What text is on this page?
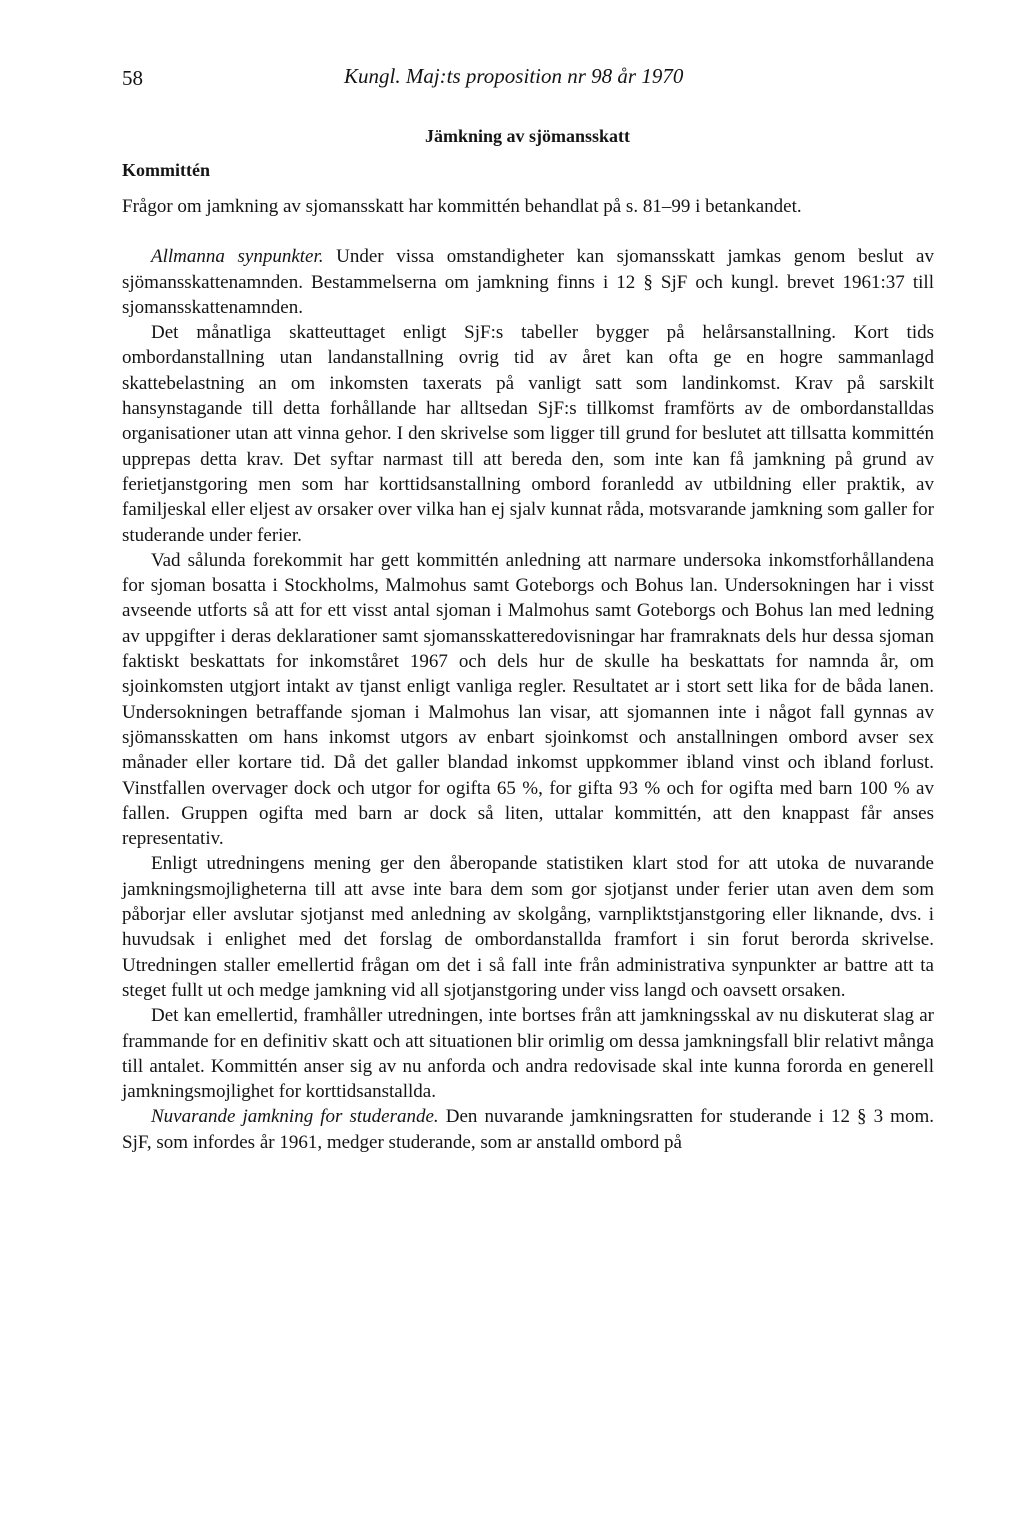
58	Kungl. Maj:ts proposition nr 98 år 1970
Jämkning av sjömansskatt
Kommittén

Frågor om jamkning av sjomansskatt har kommittén behandlat på s. 81–99 i betankandet.

Allmanna synpunkter. Under vissa omstandigheter kan sjomansskatt jamkas genom beslut av sjömansskattenamnden. Bestammelserna om jamkning finns i 12 § SjF och kungl. brevet 1961:37 till sjomansskattenamnden.

Det månatliga skatteuttaget enligt SjF:s tabeller bygger på helårsanstallning. Kort tids ombordanstallning utan landanstallning ovrig tid av året kan ofta ge en hogre sammanlagd skattebelastning an om inkomsten taxerats på vanligt satt som landinkomst. Krav på sarskilt hansynstagande till detta forhållande har alltsedan SjF:s tillkomst framförts av de ombordanstalldas organisationer utan att vinna gehor. I den skrivelse som ligger till grund for beslutet att tillsatta kommittén upprepas detta krav. Det syftar narmast till att bereda den, som inte kan få jamkning på grund av ferietjanstgoring men som har korttidsanstallning ombord foranledd av utbildning eller praktik, av familjeskal eller eljest av orsaker over vilka han ej sjalv kunnat råda, motsvarande jamkning som galler for studerande under ferier.

Vad sålunda forekommit har gett kommittén anledning att narmare undersoka inkomstforhållandena for sjoman bosatta i Stockholms, Malmohus samt Goteborgs och Bohus lan. Undersokningen har i visst avseende utforts så att for ett visst antal sjoman i Malmohus samt Goteborgs och Bohus lan med ledning av uppgifter i deras deklarationer samt sjomansskatteredovisningar har framraknats dels hur dessa sjoman faktiskt beskattats for inkomståret 1967 och dels hur de skulle ha beskattats for namnda år, om sjoinkomsten utgjort intakt av tjanst enligt vanliga regler. Resultatet ar i stort sett lika for de båda lanen. Undersokningen betraffande sjoman i Malmohus lan visar, att sjomannen inte i något fall gynnas av sjömansskatten om hans inkomst utgors av enbart sjoinkomst och anstallningen ombord avser sex månader eller kortare tid. Då det galler blandad inkomst uppkommer ibland vinst och ibland forlust. Vinstfallen overvager dock och utgor for ogifta 65 %, for gifta 93 % och for ogifta med barn 100 % av fallen. Gruppen ogifta med barn ar dock så liten, uttalar kommittén, att den knappast får anses representativ.

Enligt utredningens mening ger den åberopande statistiken klart stod for att utoka de nuvarande jamkningsmojligheterna till att avse inte bara dem som gor sjotjanst under ferier utan aven dem som påborjar eller avslutar sjotjanst med anledning av skolgång, varnpliktstjanstgoring eller liknande, dvs. i huvudsak i enlighet med det forslag de ombordanstallda framfort i sin forut berorda skrivelse. Utredningen staller emellertid frågan om det i så fall inte från administrativa synpunkter ar battre att ta steget fullt ut och medge jamkning vid all sjotjanstgoring under viss langd och oavsett orsaken.

Det kan emellertid, framhåller utredningen, inte bortses från att jamkningsskal av nu diskuterat slag ar frammande for en definitiv skatt och att situationen blir orimlig om dessa jamkningsfall blir relativt många till antalet. Kommittén anser sig av nu anforda och andra redovisade skal inte kunna fororda en generell jamkningsmojlighet for korttidsanstallda.

Nuvarande jamkning for studerande. Den nuvarande jamkningsratten for studerande i 12 § 3 mom. SjF, som infordes år 1961, medger studerande, som ar anstalld ombord på
